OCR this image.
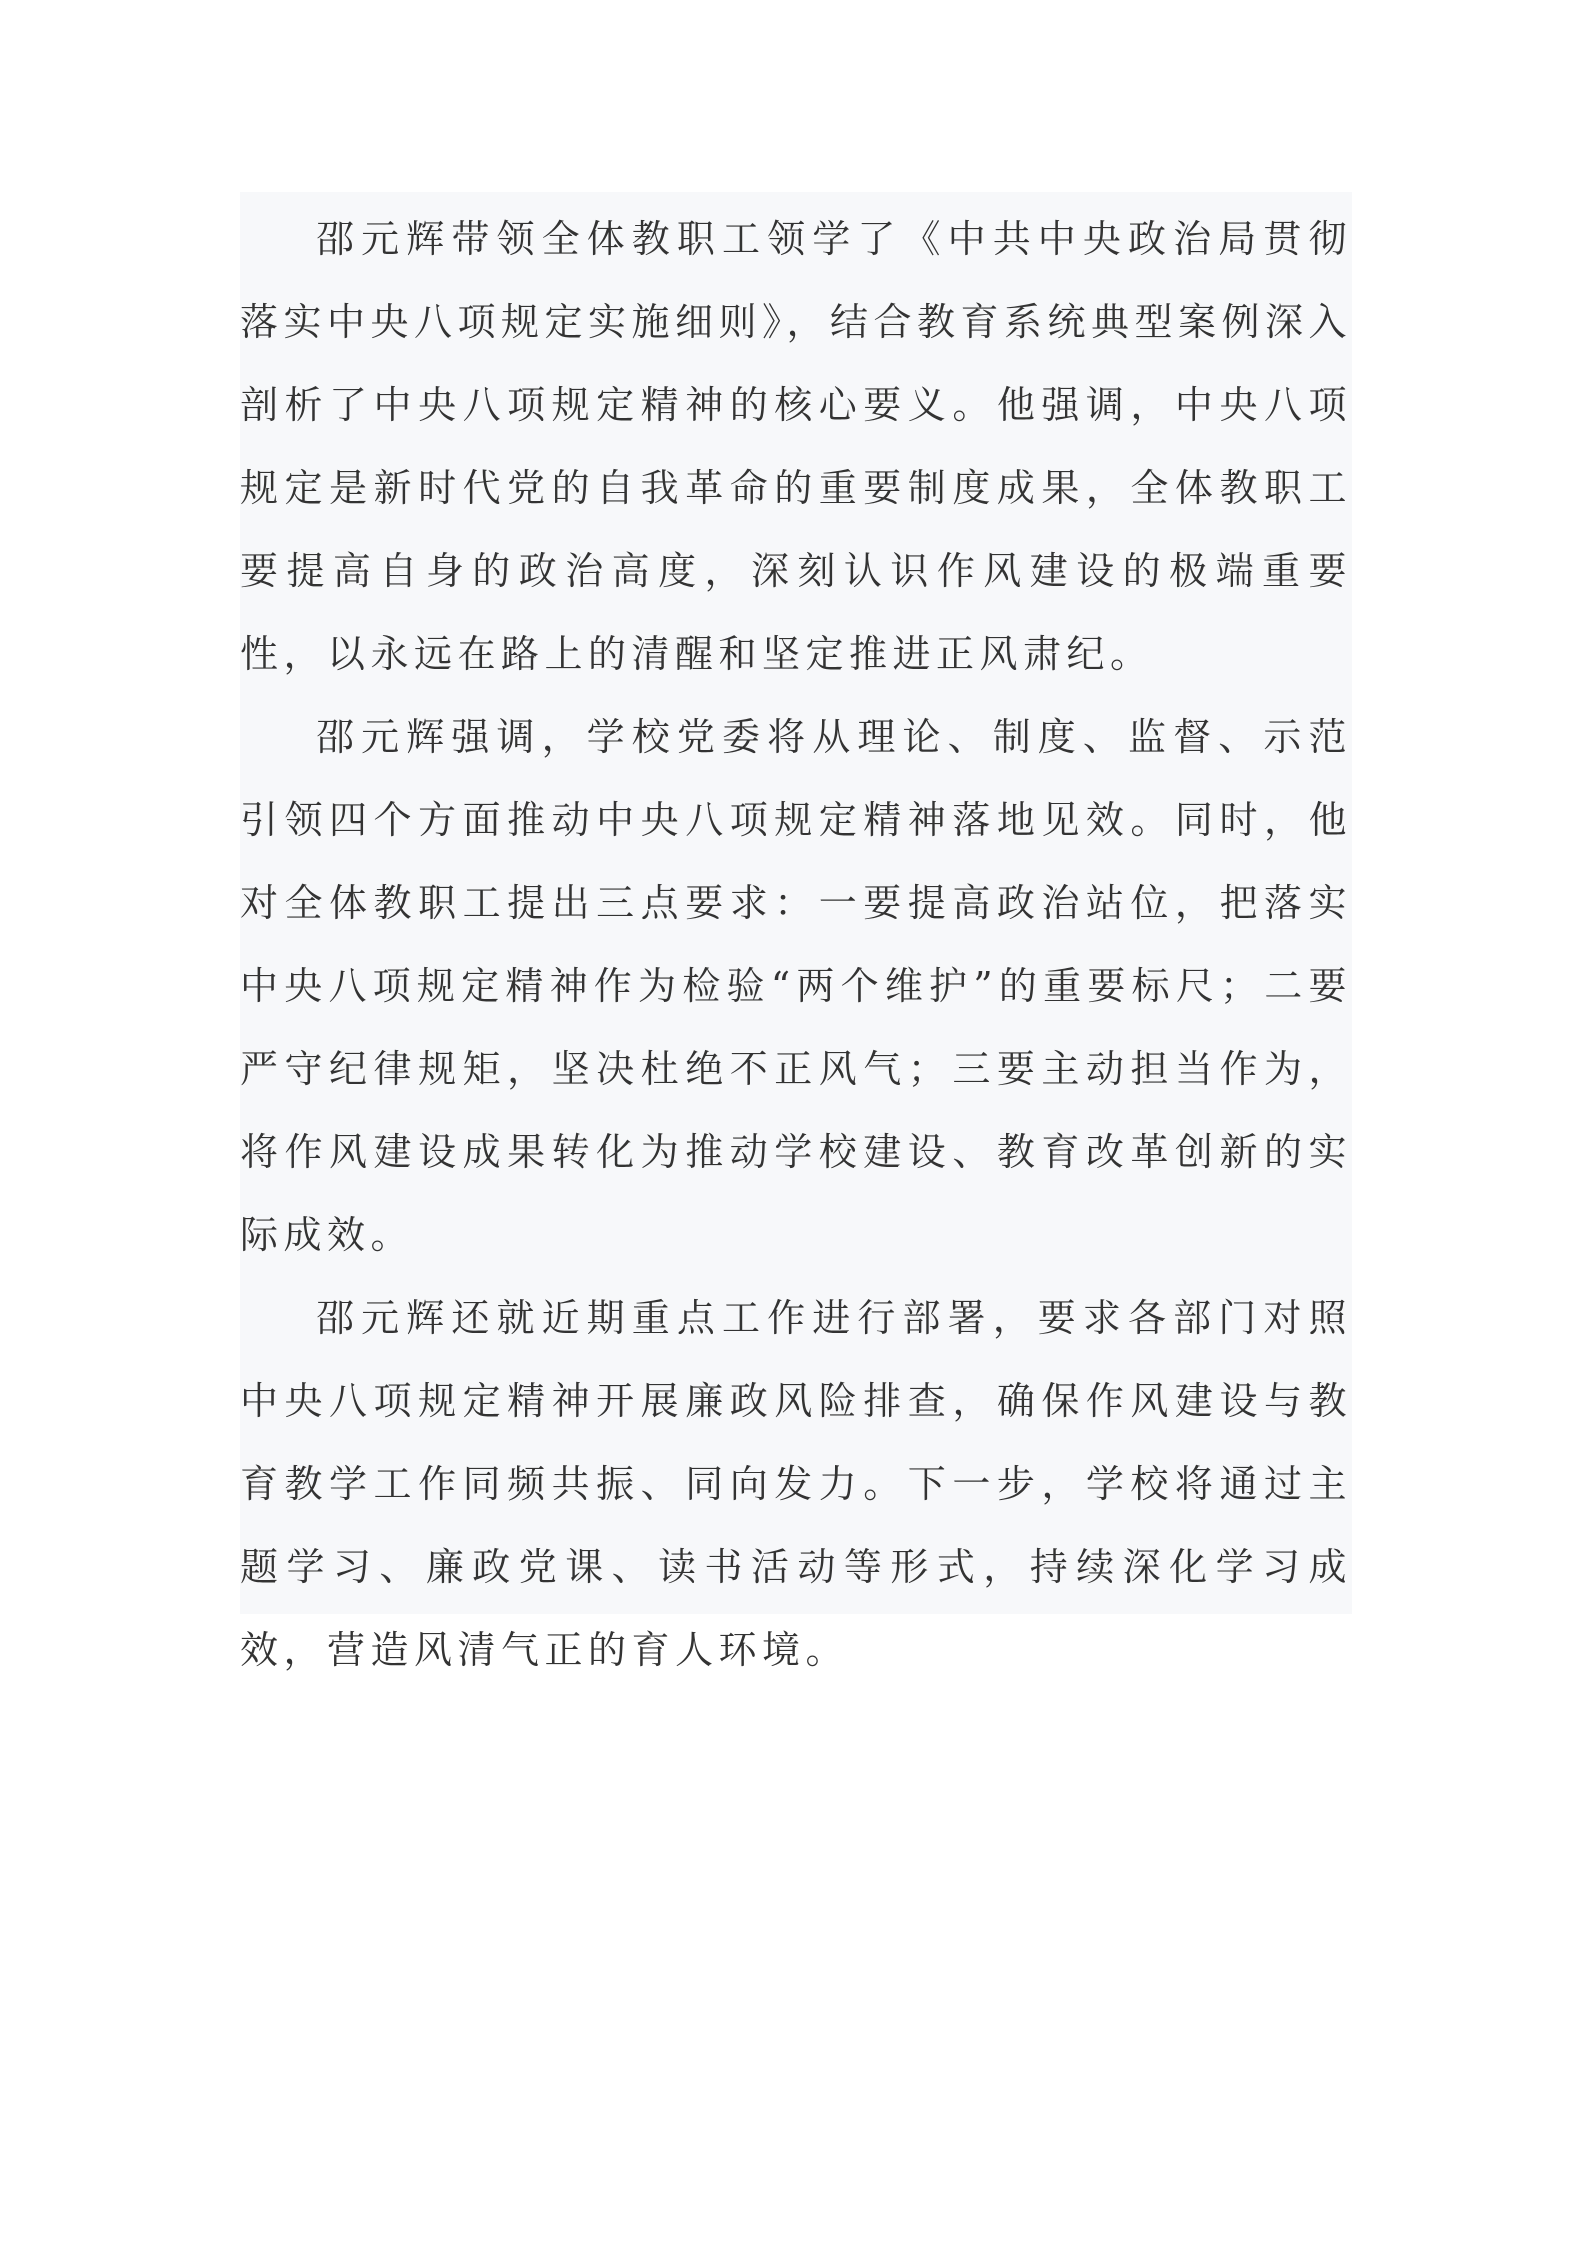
邵元辉带领全体教职工领学了《中共中央政治局贯彻落实中央八项规定实施细则》，结合教育系统典型案例深入剖析了中央八项规定精神的核心要义。他强调，中央八项规定是新时代党的自我革命的重要制度成果，全体教职工要提高自身的政治高度，深刻认识作风建设的极端重要性，以永远在路上的清醒和坚定推进正风肃纪。

邵元辉强调，学校党委将从理论、制度、监督、示范引领四个方面推动中央八项规定精神落地见效。同时，他对全体教职工提出三点要求：一要提高政治站位，把落实中央八项规定精神作为检验“两个维护”的重要标尺；二要严守纪律规矩，坚决杜绝不正风气；三要主动担当作为，将作风建设成果转化为推动学校建设、教育改革创新的实际成效。

邵元辉还就近期重点工作进行部署，要求各部门对照中央八项规定精神开展廉政风险排查，确保作风建设与教育教学工作同频共振、同向发力。下一步，学校将通过主题学习、廉政党课、读书活动等形式，持续深化学习成效，营造风清气正的育人环境。
